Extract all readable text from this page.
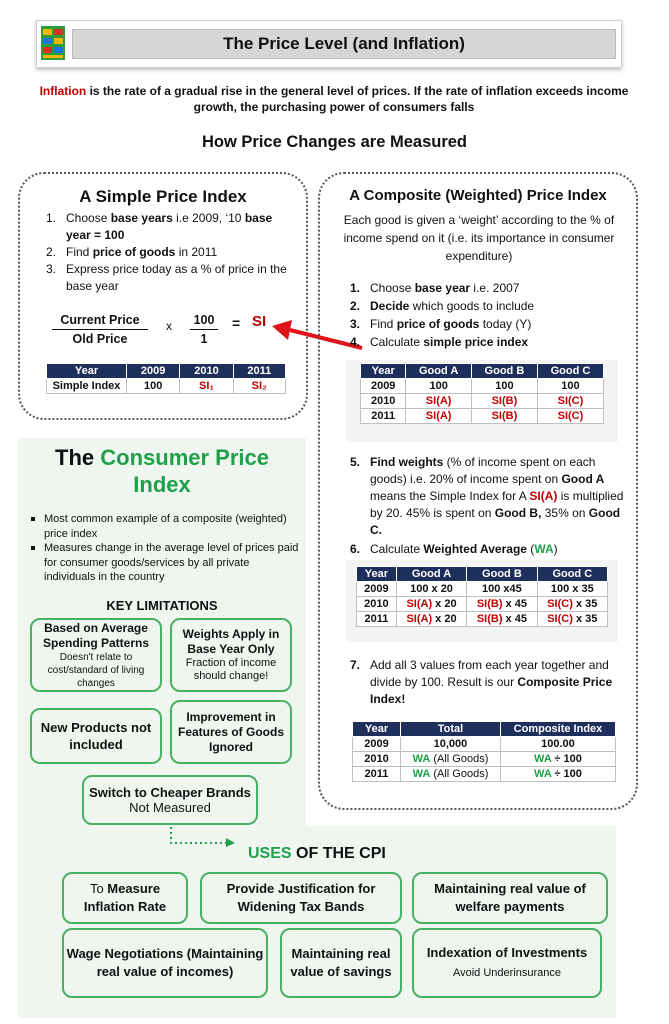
The Price Level (and Inflation)
Inflation is the rate of a gradual rise in the general level of prices. If the rate of inflation exceeds income growth, the purchasing power of consumers falls
How Price Changes are Measured
A Simple Price Index
1. Choose base years i.e 2009, ‘10 base year = 100
2. Find price of goods in 2011
3. Express price today as a % of price in the base year
Current Price
Old Price
x $\frac{100}{1}$ = SI
Year	2009	2010	2011
Simple Index	100	SI₁	SI₂
A Composite (Weighted) Price Index
Each good is given a ‘weight’ according to the % of income spend on it (i.e. its importance in consumer expenditure)
1. Choose base year i.e. 2007
2. Decide which goods to include
3. Find price of goods today (Y)
4. Calculate simple price index
Year	Good A	Good B	Good C
2009	100	100	100
2010	SI(A)	SI(B)	SI(C)
2011	SI(A)	SI(B)	SI(C)
5. Find weights (% of income spent on each goods) i.e. 20% of income spent on Good A means the Simple Index for A SI(A) is multiplied by 20. 45% is spent on Good B, 35% on Good C.
6. Calculate Weighted Average (WA)
Year	Good A	Good B	Good C
2009	100 x 20	100 x45	100 x 35
2010	SI(A) x 20	SI(B) x 45	SI(C) x 35
2011	SI(A) x 20	SI(B) x 45	SI(C) x 35
7. Add all 3 values from each year together and divide by 100. Result is our Composite Price Index!
Year	Total	Composite Index
2009	10,000	100.00
2010	WA (All Goods)	WA ÷ 100
2011	WA (All Goods)	WA ÷ 100
The Consumer Price
Index
Most common example of a composite (weighted) price index
Measures change in the average level of prices paid for consumer goods/services by all private individuals in the country
KEY LIMITATIONS
Based on Average Spending Patterns
Doesn't relate to cost/standard of living changes
Weights Apply in Base Year Only
Fraction of income should change!
New Products not included
Improvement in Features of Goods Ignored
Switch to Cheaper Brands Not Measured
USES OF THE CPI
To Measure Inflation Rate
Provide Justification for Widening Tax Bands
Maintaining real value of welfare payments
Wage Negotiations (Maintaining real value of incomes)
Maintaining real value of savings
Indexation of Investments Avoid Underinsurance
